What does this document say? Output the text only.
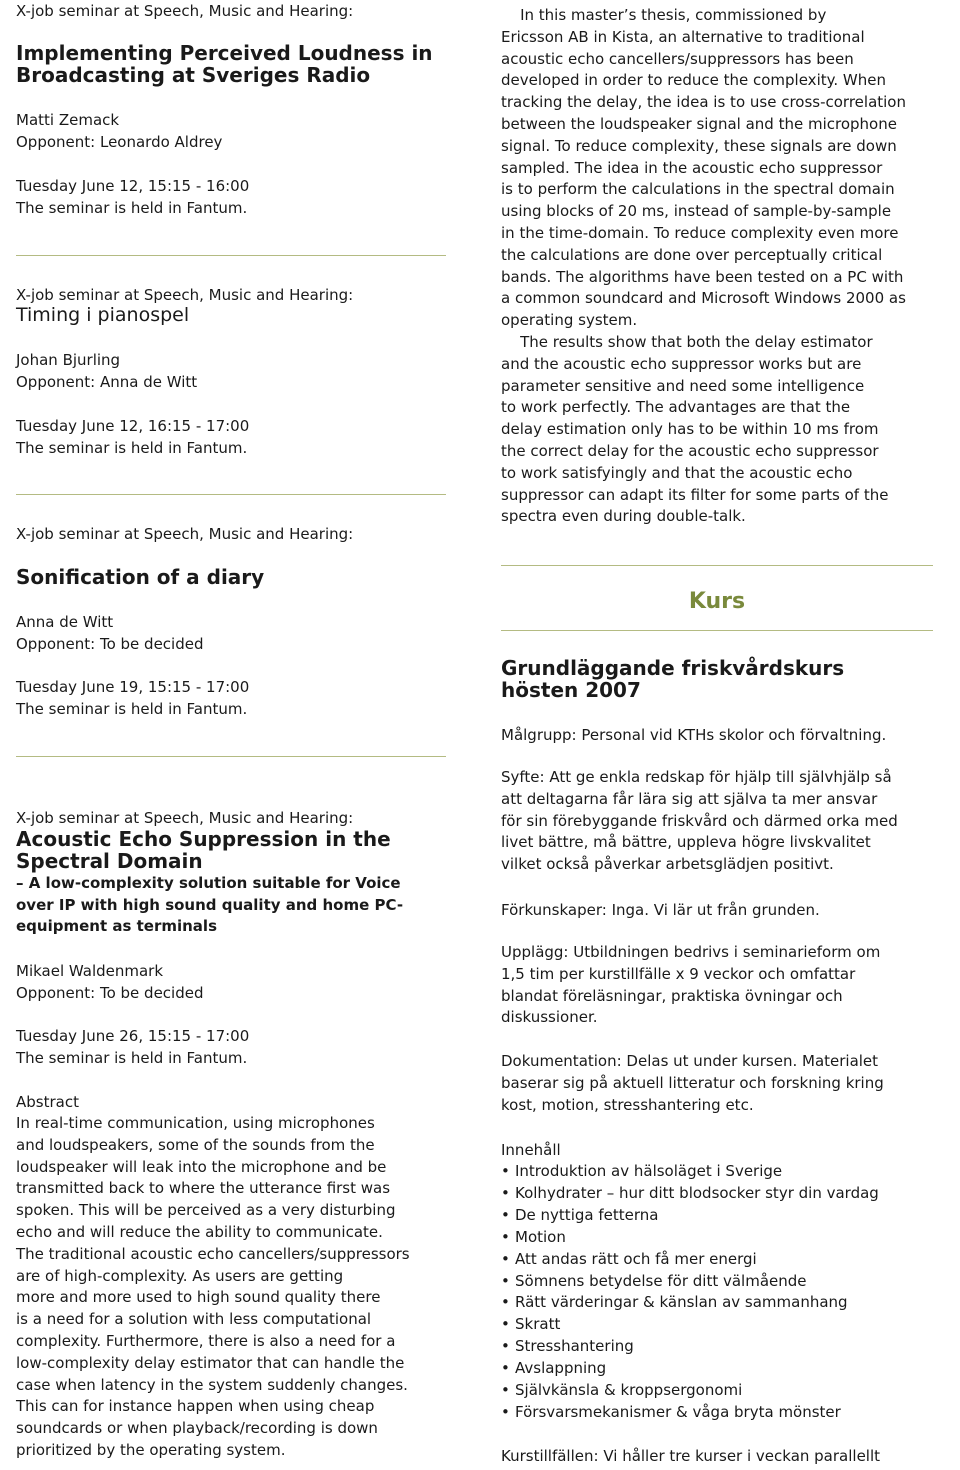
X-job seminar at Speech, Music and Hearing:
Implementing Perceived Loudness in
Broadcasting at Sveriges Radio
Matti Zemack
Opponent: Leonardo Aldrey
Tuesday June 12, 15:15 - 16:00
The seminar is held in Fantum.
X-job seminar at Speech, Music and Hearing:
Timing i pianospel
Johan Bjurling
Opponent: Anna de Witt
Tuesday June 12, 16:15 - 17:00
The seminar is held in Fantum.
X-job seminar at Speech, Music and Hearing:
Sonification of a diary
Anna de Witt
Opponent: To be decided
Tuesday June 19, 15:15 - 17:00
The seminar is held in Fantum.
X-job seminar at Speech, Music and Hearing:
Acoustic Echo Suppression in the
Spectral Domain
– A low-complexity solution suitable for Voice
over IP with high sound quality and home PC-
equipment as terminals
Mikael Waldenmark
Opponent: To be decided
Tuesday June 26, 15:15 - 17:00
The seminar is held in Fantum.
Abstract
In real-time communication, using microphones
and loudspeakers, some of the sounds from the
loudspeaker will leak into the microphone and be
transmitted back to where the utterance first was
spoken. This will be perceived as a very disturbing
echo and will reduce the ability to communicate.
The traditional acoustic echo cancellers/suppressors
are of high-complexity. As users are getting
more and more used to high sound quality there
is a need for a solution with less computational
complexity. Furthermore, there is also a need for a
low-complexity delay estimator that can handle the
case when latency in the system suddenly changes.
This can for instance happen when using cheap
soundcards or when playback/recording is down
prioritized by the operating system.
In this master’s thesis, commissioned by
Ericsson AB in Kista, an alternative to traditional
acoustic echo cancellers/suppressors has been
developed in order to reduce the complexity. When
tracking the delay, the idea is to use cross-correlation
between the loudspeaker signal and the microphone
signal. To reduce complexity, these signals are down
sampled. The idea in the acoustic echo suppressor
is to perform the calculations in the spectral domain
using blocks of 20 ms, instead of sample-by-sample
in the time-domain. To reduce complexity even more
the calculations are done over perceptually critical
bands. The algorithms have been tested on a PC with
a common soundcard and Microsoft Windows 2000 as
operating system.
The results show that both the delay estimator
and the acoustic echo suppressor works but are
parameter sensitive and need some intelligence
to work perfectly. The advantages are that the
delay estimation only has to be within 10 ms from
the correct delay for the acoustic echo suppressor
to work satisfyingly and that the acoustic echo
suppressor can adapt its filter for some parts of the
spectra even during double-talk.
Kurs
Grundläggande friskvårdskurs
hösten 2007
Målgrupp: Personal vid KTHs skolor och förvaltning.
Syfte: Att ge enkla redskap för hjälp till självhjälp så
att deltagarna får lära sig att själva ta mer ansvar
för sin förebyggande friskvård och därmed orka med
livet bättre, må bättre, uppleva högre livskvalitet
vilket också påverkar arbetsglädjen positivt.
Förkunskaper: Inga. Vi lär ut från grunden.
Upplägg: Utbildningen bedrivs i seminarieform om
1,5 tim per kurstillfälle x 9 veckor och omfattar
blandat föreläsningar, praktiska övningar och
diskussioner.
Dokumentation: Delas ut under kursen. Materialet
baserar sig på aktuell litteratur och forskning kring
kost, motion, stresshantering etc.
Innehåll
• Introduktion av hälsoläget i Sverige
• Kolhydrater – hur ditt blodsocker styr din vardag
• De nyttiga fetterna
• Motion
• Att andas rätt och få mer energi
• Sömnens betydelse för ditt välmående
• Rätt värderingar & känslan av sammanhang
• Skratt
• Stresshantering
• Avslappning
• Självkänsla & kroppsergonomi
• Försvarsmekanismer & våga bryta mönster
Kurstillfällen: Vi håller tre kurser i veckan parallellt
